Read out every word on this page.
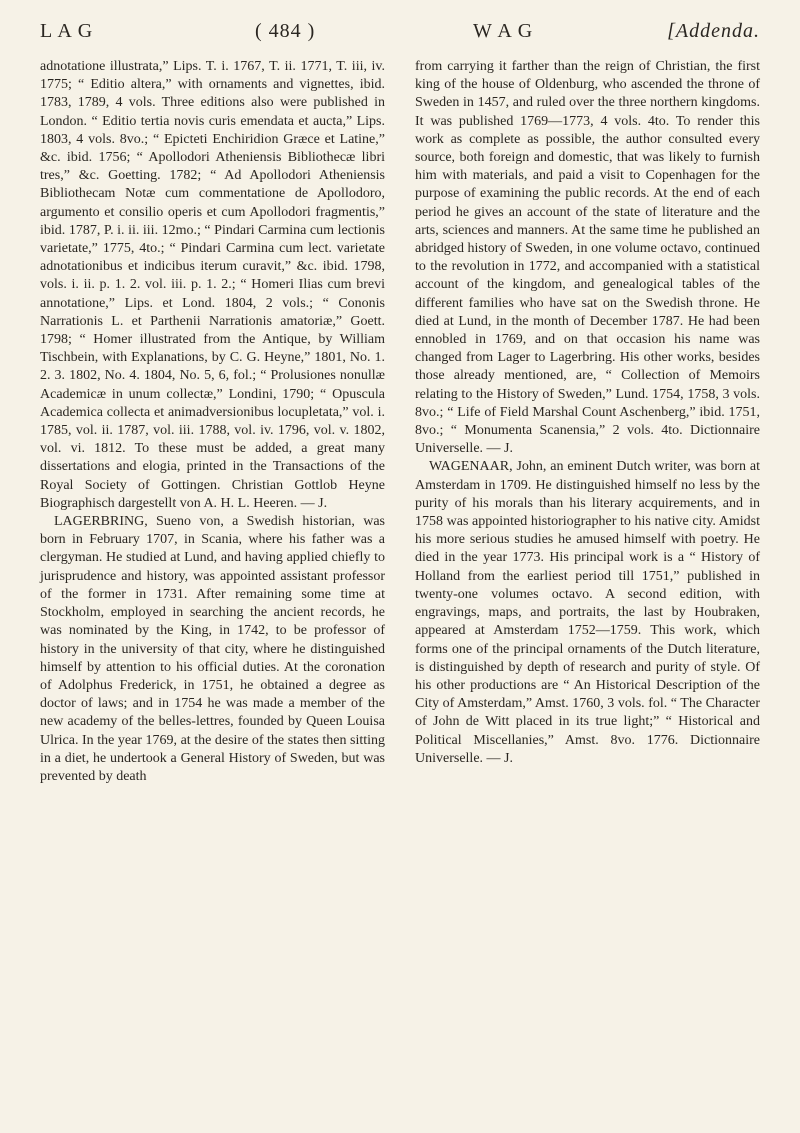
L A G	( 484 )	W A G	[Addenda.

adnotatione illustrata,” Lips. T. i. 1767, T. ii. 1771, T. iii, iv. 1775; “ Editio altera,” with ornaments and vignettes, ibid. 1783, 1789, 4 vols. Three editions also were published in London. “ Editio tertia novis curis emendata et aucta,” Lips. 1803, 4 vols. 8vo.; “ Epicteti Enchiridion Græce et Latine,” &c. ibid. 1756; “ Apollodori Atheniensis Bibliothecæ libri tres,” &c. Goetting. 1782; “ Ad Apollodori Atheniensis Bibliothecam Notæ cum commentatione de Apollodoro, argumento et consilio operis et cum Apollodori fragmentis,” ibid. 1787, P. i. ii. iii. 12mo.; “ Pindari Carmina cum lectionis varietate,” 1775, 4to.; “ Pindari Carmina cum lect. varietate adnotationibus et indicibus iterum curavit,” &c. ibid. 1798, vols. i. ii. p. 1. 2. vol. iii. p. 1. 2.; “ Homeri Ilias cum brevi annotatione,” Lips. et Lond. 1804, 2 vols.; “ Cononis Narrationis L. et Parthenii Narrationis amatoriæ,” Goett. 1798; “ Homer illustrated from the Antique, by William Tischbein, with Explanations, by C. G. Heyne,” 1801, No. 1. 2. 3. 1802, No. 4. 1804, No. 5, 6, fol.; “ Prolusiones nonullæ Academicæ in unum collectæ,” Londini, 1790; “ Opuscula Academica collecta et animadversionibus locupletata,” vol. i. 1785, vol. ii. 1787, vol. iii. 1788, vol. iv. 1796, vol. v. 1802, vol. vi. 1812. To these must be added, a great many dissertations and elogia, printed in the Transactions of the Royal Society of Gottingen. Christian Gottlob Heyne Biographisch dargestellt von A. H. L. Heeren. — J.

LAGERBRING, Sueno von, a Swedish historian, was born in February 1707, in Scania, where his father was a clergyman. He studied at Lund, and having applied chiefly to jurisprudence and history, was appointed assistant professor of the former in 1731. After remaining some time at Stockholm, employed in searching the ancient records, he was nominated by the King, in 1742, to be professor of history in the university of that city, where he distinguished himself by attention to his official duties. At the coronation of Adolphus Frederick, in 1751, he obtained a degree as doctor of laws; and in 1754 he was made a member of the new academy of the belles-lettres, founded by Queen Louisa Ulrica. In the year 1769, at the desire of the states then sitting in a diet, he undertook a General History of Sweden, but was prevented by death

from carrying it farther than the reign of Christian, the first king of the house of Oldenburg, who ascended the throne of Sweden in 1457, and ruled over the three northern kingdoms. It was published 1769—1773, 4 vols. 4to. To render this work as complete as possible, the author consulted every source, both foreign and domestic, that was likely to furnish him with materials, and paid a visit to Copenhagen for the purpose of examining the public records. At the end of each period he gives an account of the state of literature and the arts, sciences and manners. At the same time he published an abridged history of Sweden, in one volume octavo, continued to the revolution in 1772, and accompanied with a statistical account of the kingdom, and genealogical tables of the different families who have sat on the Swedish throne. He died at Lund, in the month of December 1787. He had been ennobled in 1769, and on that occasion his name was changed from Lager to Lagerbring. His other works, besides those already mentioned, are, “ Collection of Memoirs relating to the History of Sweden,” Lund. 1754, 1758, 3 vols. 8vo.; “ Life of Field Marshal Count Aschenberg,” ibid. 1751, 8vo.; “ Monumenta Scanensia,” 2 vols. 4to. Dictionnaire Universelle. — J.

WAGENAAR, John, an eminent Dutch writer, was born at Amsterdam in 1709. He distinguished himself no less by the purity of his morals than his literary acquirements, and in 1758 was appointed historiographer to his native city. Amidst his more serious studies he amused himself with poetry. He died in the year 1773. His principal work is a “ History of Holland from the earliest period till 1751,” published in twenty-one volumes octavo. A second edition, with engravings, maps, and portraits, the last by Houbraken, appeared at Amsterdam 1752—1759. This work, which forms one of the principal ornaments of the Dutch literature, is distinguished by depth of research and purity of style. Of his other productions are “ An Historical Description of the City of Amsterdam,” Amst. 1760, 3 vols. fol. “ The Character of John de Witt placed in its true light;” “ Historical and Political Miscellanies,” Amst. 8vo. 1776. Dictionnaire Universelle. — J.
